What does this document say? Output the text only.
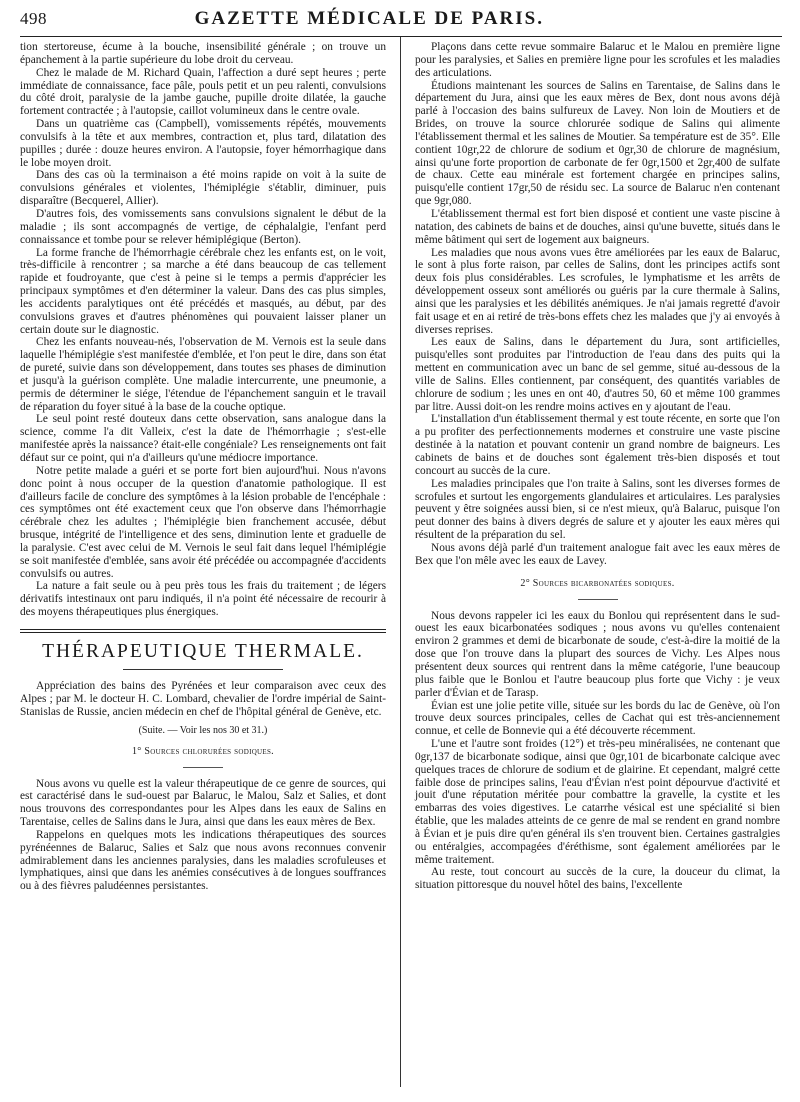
498	GAZETTE MÉDICALE DE PARIS.

tion stertoreuse, écume à la bouche, insensibilité générale ; on trouve un épanchement à la partie supérieure du lobe droit du cerveau.

Chez le malade de M. Richard Quain, l'affection a duré sept heures ; perte immédiate de connaissance, face pâle, pouls petit et un peu ralenti, convulsions du côté droit, paralysie de la jambe gauche, pupille droite dilatée, la gauche fortement contractée ; à l'autopsie, caillot volumineux dans le centre ovale.

Dans un quatrième cas (Campbell), vomissements répétés, mouvements convulsifs à la tête et aux membres, contraction et, plus tard, dilatation des pupilles ; durée : douze heures environ. A l'autopsie, foyer hémorrhagique dans le lobe moyen droit.

Dans des cas où la terminaison a été moins rapide on voit à la suite de convulsions générales et violentes, l'hémiplégie s'établir, diminuer, puis disparaître (Becquerel, Allier).

D'autres fois, des vomissements sans convulsions signalent le début de la maladie ; ils sont accompagnés de vertige, de céphalalgie, l'enfant perd connaissance et tombe pour se relever hémiplégique (Berton).

La forme franche de l'hémorrhagie cérébrale chez les enfants est, on le voit, très-difficile à rencontrer ; sa marche a été dans beaucoup de cas tellement rapide et foudroyante, que c'est à peine si le temps a permis d'apprécier les principaux symptômes et d'en déterminer la valeur. Dans des cas plus simples, les accidents paralytiques ont été précédés et masqués, au début, par des convulsions graves et d'autres phénomènes qui pouvaient laisser planer un certain doute sur le diagnostic.

Chez les enfants nouveau-nés, l'observation de M. Vernois est la seule dans laquelle l'hémiplégie s'est manifestée d'emblée, et l'on peut le dire, dans son état de pureté, suivie dans son développement, dans toutes ses phases de diminution et jusqu'à la guérison complète. Une maladie intercurrente, une pneumonie, a permis de déterminer le siége, l'étendue de l'épanchement sanguin et le travail de réparation du foyer situé à la base de la couche optique.

Le seul point resté douteux dans cette observation, sans analogue dans la science, comme l'a dit Valleix, c'est la date de l'hémorrhagie ; s'est-elle manifestée après la naissance? était-elle congéniale? Les renseignements ont fait défaut sur ce point, qui n'a d'ailleurs qu'une médiocre importance.

Notre petite malade a guéri et se porte fort bien aujourd'hui. Nous n'avons donc point à nous occuper de la question d'anatomie pathologique. Il est d'ailleurs facile de conclure des symptômes à la lésion probable de l'encéphale : ces symptômes ont été exactement ceux que l'on observe dans l'hémorrhagie cérébrale chez les adultes ; l'hémiplégie bien franchement accusée, début brusque, intégrité de l'intelligence et des sens, diminution lente et graduelle de la paralysie. C'est avec celui de M. Vernois le seul fait dans lequel l'hémiplégie se soit manifestée d'emblée, sans avoir été précédée ou accompagnée d'accidents convulsifs ou autres.

La nature a fait seule ou à peu près tous les frais du traitement ; de légers dérivatifs intestinaux ont paru indiqués, il n'a point été nécessaire de recourir à des moyens thérapeutiques plus énergiques.

THÉRAPEUTIQUE THERMALE.

Appréciation des bains des Pyrénées et leur comparaison avec ceux des Alpes ; par M. le docteur H. C. Lombard, chevalier de l'ordre impérial de Saint-Stanislas de Russie, ancien médecin en chef de l'hôpital général de Genève, etc.

(Suite. — Voir les nos 30 et 31.)
1° Sources chlorurées sodiques.

Nous avons vu quelle est la valeur thérapeutique de ce genre de sources, qui est caractérisé dans le sud-ouest par Balaruc, le Malou, Salz et Salies, et dont nous trouvons des correspondantes pour les Alpes dans les eaux de Salins en Tarentaise, celles de Salins dans le Jura, ainsi que dans les eaux mères de Bex.

Rappelons en quelques mots les indications thérapeutiques des sources pyrénéennes de Balaruc, Salies et Salz que nous avons reconnues convenir admirablement dans les anciennes paralysies, dans les maladies scrofuleuses et lymphatiques, ainsi que dans les anémies consécutives à de longues souffrances ou à des fièvres paludéennes persistantes.

Plaçons dans cette revue sommaire Balaruc et le Malou en première ligne pour les paralysies, et Salies en première ligne pour les scrofules et les maladies des articulations.

Étudions maintenant les sources de Salins en Tarentaise, de Salins dans le département du Jura, ainsi que les eaux mères de Bex, dont nous avons déjà parlé à l'occasion des bains sulfureux de Lavey. Non loin de Moutiers et de Brides, on trouve la source chlorurée sodique de Salins qui alimente l'établissement thermal et les salines de Moutier. Sa température est de 35°. Elle contient 10gr,22 de chlorure de sodium et 0gr,30 de chlorure de magnésium, ainsi qu'une forte proportion de carbonate de fer 0gr,1500 et 2gr,400 de sulfate de chaux. Cette eau minérale est fortement chargée en principes salins, puisqu'elle contient 17gr,50 de résidu sec. La source de Balaruc n'en contenant que 9gr,080.

L'établissement thermal est fort bien disposé et contient une vaste piscine à natation, des cabinets de bains et de douches, ainsi qu'une buvette, situés dans le même bâtiment qui sert de logement aux baigneurs.

Les maladies que nous avons vues être améliorées par les eaux de Balaruc, le sont à plus forte raison, par celles de Salins, dont les principes actifs sont deux fois plus considérables. Les scrofules, le lymphatisme et les arrêts de développement osseux sont améliorés ou guéris par la cure thermale à Salins, ainsi que les paralysies et les débilités anémiques. Je n'ai jamais regretté d'avoir fait usage et en ai retiré de très-bons effets chez les malades que j'y ai envoyés à diverses reprises.

Les eaux de Salins, dans le département du Jura, sont artificielles, puisqu'elles sont produites par l'introduction de l'eau dans des puits qui la mettent en communication avec un banc de sel gemme, situé au-dessous de la ville de Salins. Elles contiennent, par conséquent, des quantités variables de chlorure de sodium ; les unes en ont 40, d'autres 50, 60 et même 100 grammes par litre. Aussi doit-on les rendre moins actives en y ajoutant de l'eau.

L'installation d'un établissement thermal y est toute récente, en sorte que l'on a pu profiter des perfectionnements modernes et construire une vaste piscine destinée à la natation et pouvant contenir un grand nombre de baigneurs. Les cabinets de bains et de douches sont également très-bien disposés et tout concourt au succès de la cure.

Les maladies principales que l'on traite à Salins, sont les diverses formes de scrofules et surtout les engorgements glandulaires et articulaires. Les paralysies peuvent y être soignées aussi bien, si ce n'est mieux, qu'à Balaruc, puisque l'on peut donner des bains à divers degrés de salure et y ajouter les eaux mères qui résultent de la préparation du sel.

Nous avons déjà parlé d'un traitement analogue fait avec les eaux mères de Bex que l'on mêle avec les eaux de Lavey.

2° Sources bicarbonatées sodiques.

Nous devons rappeler ici les eaux du Bonlou qui représentent dans le sud-ouest les eaux bicarbonatées sodiques ; nous avons vu qu'elles contenaient environ 2 grammes et demi de bicarbonate de soude, c'est-à-dire la moitié de la dose que l'on trouve dans la plupart des sources de Vichy. Les Alpes nous présentent deux sources qui rentrent dans la même catégorie, l'une beaucoup plus faible que le Bonlou et l'autre beaucoup plus forte que Vichy : je veux parler d'Évian et de Tarasp.

Évian est une jolie petite ville, située sur les bords du lac de Genève, où l'on trouve deux sources principales, celles de Cachat qui est très-anciennement connue, et celle de Bonnevie qui a été découverte récemment.

L'une et l'autre sont froides (12°) et très-peu minéralisées, ne contenant que 0gr,137 de bicarbonate sodique, ainsi que 0gr,101 de bicarbonate calcique avec quelques traces de chlorure de sodium et de glairine. Et cependant, malgré cette faible dose de principes salins, l'eau d'Évian n'est point dépourvue d'activité et jouit d'une réputation méritée pour combattre la gravelle, la cystite et les embarras des voies digestives. Le catarrhe vésical est une spécialité si bien établie, que les malades atteints de ce genre de mal se rendent en grand nombre à Évian et je puis dire qu'en général ils s'en trouvent bien. Certaines gastralgies ou entéralgies, accompagées d'éréthisme, sont également améliorées par le même traitement.

Au reste, tout concourt au succès de la cure, la douceur du climat, la situation pittoresque du nouvel hôtel des bains, l'excellente
